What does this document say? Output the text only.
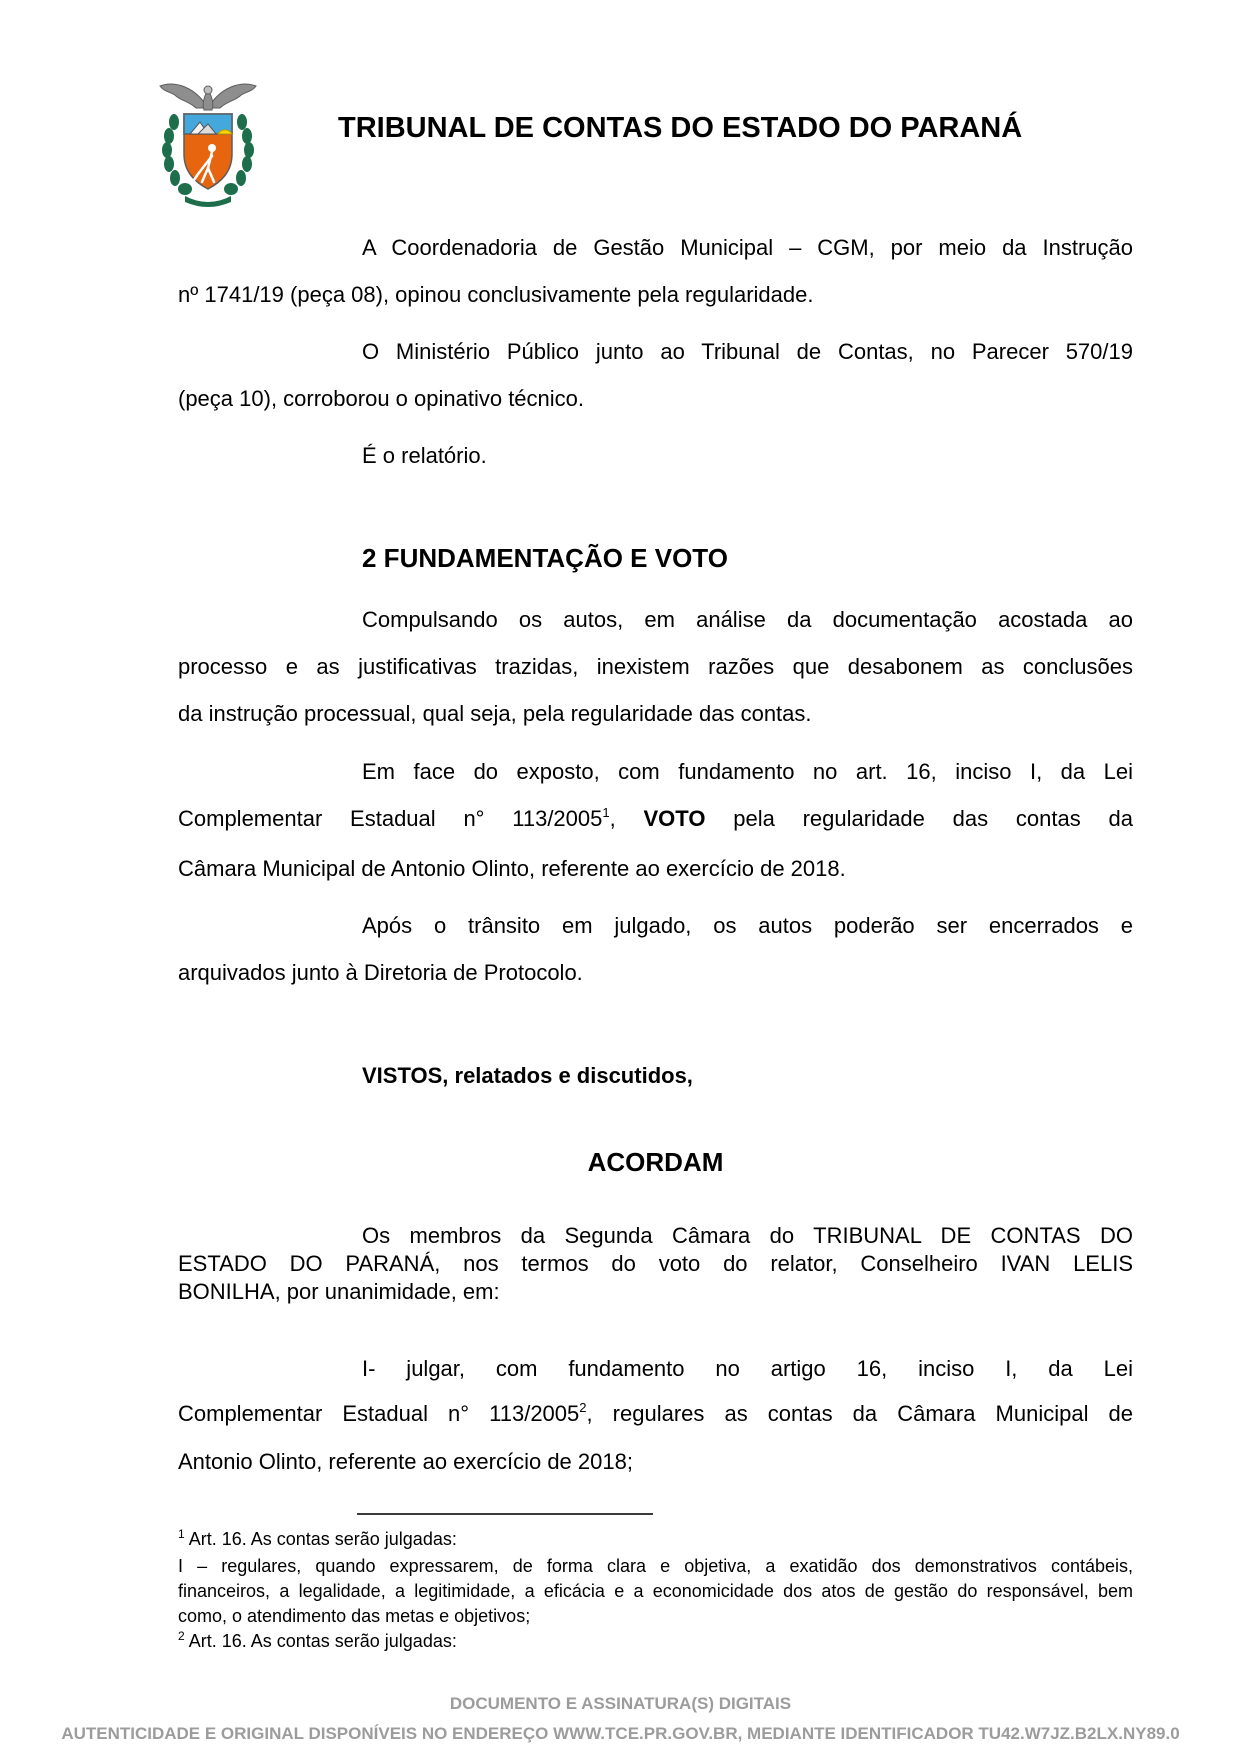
TRIBUNAL DE CONTAS DO ESTADO DO PARANÁ
A Coordenadoria de Gestão Municipal – CGM, por meio da Instrução
nº 1741/19 (peça 08), opinou conclusivamente pela regularidade.
O Ministério Público junto ao Tribunal de Contas, no Parecer 570/19
(peça 10), corroborou o opinativo técnico.
É o relatório.
2 FUNDAMENTAÇÃO E VOTO
Compulsando os autos, em análise da documentação acostada ao
processo e as justificativas trazidas, inexistem razões que desabonem as conclusões
da instrução processual, qual seja, pela regularidade das contas.
Em face do exposto, com fundamento no art. 16, inciso I, da Lei
Complementar Estadual n° 113/2005$^1$, VOTO pela regularidade das contas da
Câmara Municipal de Antonio Olinto, referente ao exercício de 2018.
Após o trânsito em julgado, os autos poderão ser encerrados e
arquivados junto à Diretoria de Protocolo.
VISTOS, relatados e discutidos,
ACORDAM
Os membros da Segunda Câmara do TRIBUNAL DE CONTAS DO
ESTADO DO PARANÁ, nos termos do voto do relator, Conselheiro IVAN LELIS
BONILHA, por unanimidade, em:
I- julgar, com fundamento no artigo 16, inciso I, da Lei
Complementar Estadual n° 113/2005$^2$, regulares as contas da Câmara Municipal de
Antonio Olinto, referente ao exercício de 2018;
$^1$ Art. 16. As contas serão julgadas:
I – regulares, quando expressarem, de forma clara e objetiva, a exatidão dos demonstrativos contábeis,
financeiros, a legalidade, a legitimidade, a eficácia e a economicidade dos atos de gestão do responsável, bem
como, o atendimento das metas e objetivos;
$^2$ Art. 16. As contas serão julgadas:
DOCUMENTO E ASSINATURA(S) DIGITAIS
AUTENTICIDADE E ORIGINAL DISPONÍVEIS NO ENDEREÇO WWW.TCE.PR.GOV.BR, MEDIANTE IDENTIFICADOR TU42.W7JZ.B2LX.NY89.0
